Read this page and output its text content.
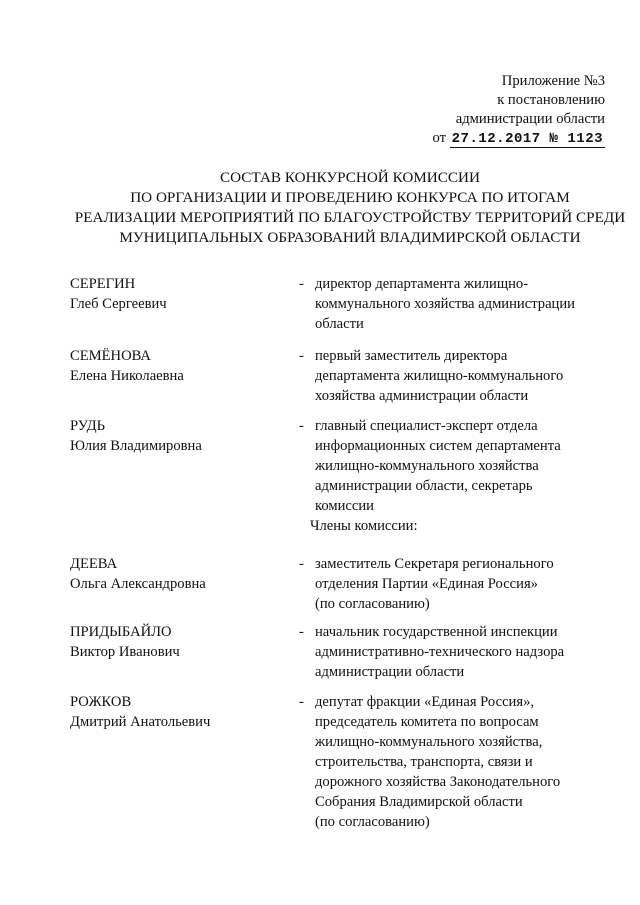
Приложение №3
к постановлению
администрации области
от 27.12.2017 № 1123
СОСТАВ КОНКУРСНОЙ КОМИССИИ
ПО ОРГАНИЗАЦИИ И ПРОВЕДЕНИЮ КОНКУРСА ПО ИТОГАМ
РЕАЛИЗАЦИИ МЕРОПРИЯТИЙ ПО БЛАГОУСТРОЙСТВУ ТЕРРИТОРИЙ СРЕДИ
МУНИЦИПАЛЬНЫХ ОБРАЗОВАНИЙ ВЛАДИМИРСКОЙ ОБЛАСТИ
СЕРЕГИН
Глеб Сергеевич
- директор департамента жилищно-
коммунального хозяйства администрации
области
СЕМЁНОВА
Елена Николаевна
- первый заместитель директора
департамента жилищно-коммунального
хозяйства администрации области
РУДЬ
Юлия Владимировна
- главный специалист-эксперт отдела
информационных систем департамента
жилищно-коммунального хозяйства
администрации области, секретарь
комиссии
Члены комиссии:
ДЕЕВА
Ольга Александровна
- заместитель Секретаря регионального
отделения Партии «Единая Россия»
(по согласованию)
ПРИДЫБАЙЛО
Виктор Иванович
- начальник государственной инспекции
административно-технического надзора
администрации области
РОЖКОВ
Дмитрий Анатольевич
- депутат фракции «Единая Россия»,
председатель комитета по вопросам
жилищно-коммунального хозяйства,
строительства, транспорта, связи и
дорожного хозяйства Законодательного
Собрания Владимирской области
(по согласованию)
